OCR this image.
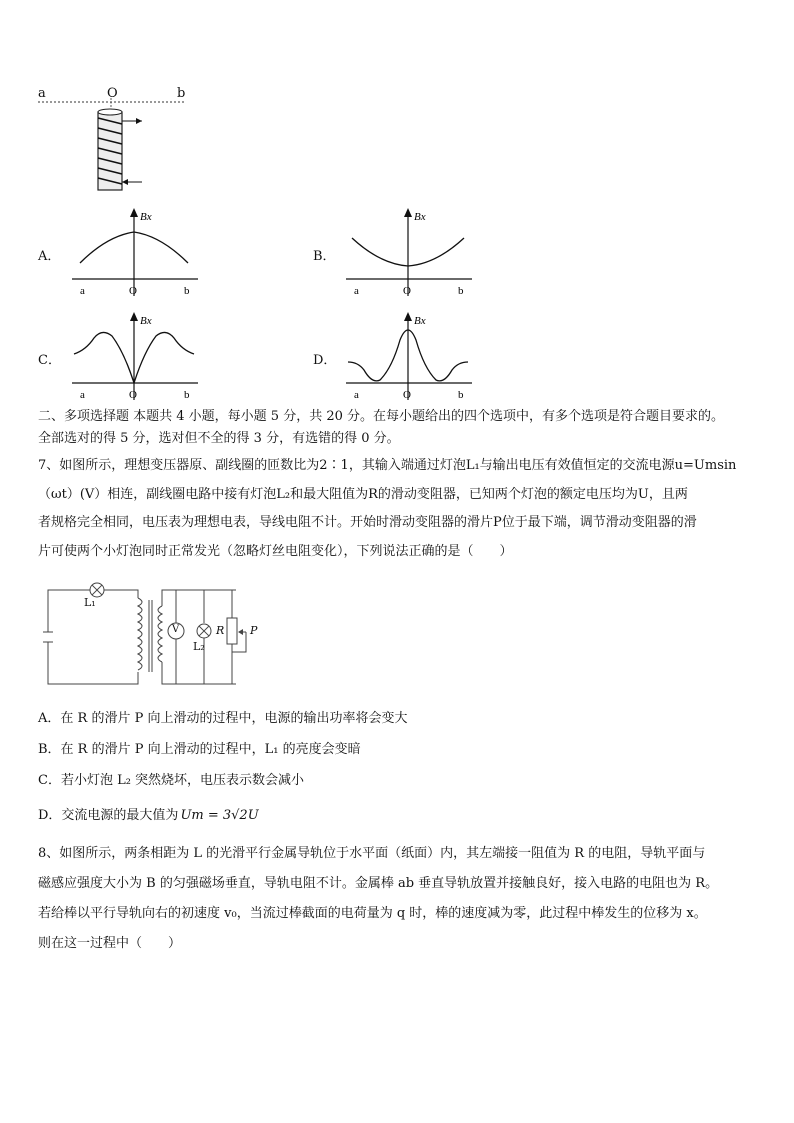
a	O	b
A．
Bx
a	O	b
B．
Bx
a	O	b
C．
Bx
a	O	b
D．
Bx
a	O	b
二、多项选择题 本题共 4 小题，每小题 5 分，共 20 分。在每小题给出的四个选项中，有多个选项是符合题目要求的。
全部选对的得 5 分，选对但不全的得 3 分，有选错的得 0 分。
7、如图所示，理想变压器原、副线圈的匝数比为2∶1，其输入端通过灯泡L₁与输出电压有效值恒定的交流电源u=Umsin
（ωt）(V）相连，副线圈电路中接有灯泡L₂和最大阻值为R的滑动变阻器，已知两个灯泡的额定电压均为U，且两
者规格完全相同，电压表为理想电表，导线电阻不计。开始时滑动变阻器的滑片P位于最下端，调节滑动变阻器的滑
片可使两个小灯泡同时正常发光（忽略灯丝电阻变化），下列说法正确的是（　　）
L₁
V
L₂
R P
A．在 R 的滑片 P 向上滑动的过程中，电源的输出功率将会变大
B．在 R 的滑片 P 向上滑动的过程中，L₁ 的亮度会变暗
C．若小灯泡 L₂ 突然烧坏，电压表示数会减小
D．交流电源的最大值为 Um = 3√2U
8、如图所示，两条相距为 L 的光滑平行金属导轨位于水平面（纸面）内，其左端接一阻值为 R 的电阻，导轨平面与
磁感应强度大小为 B 的匀强磁场垂直，导轨电阻不计。金属棒 ab 垂直导轨放置并接触良好，接入电路的电阻也为 R。
若给棒以平行导轨向右的初速度 v₀，当流过棒截面的电荷量为 q 时，棒的速度减为零，此过程中棒发生的位移为 x。
则在这一过程中（　　）
